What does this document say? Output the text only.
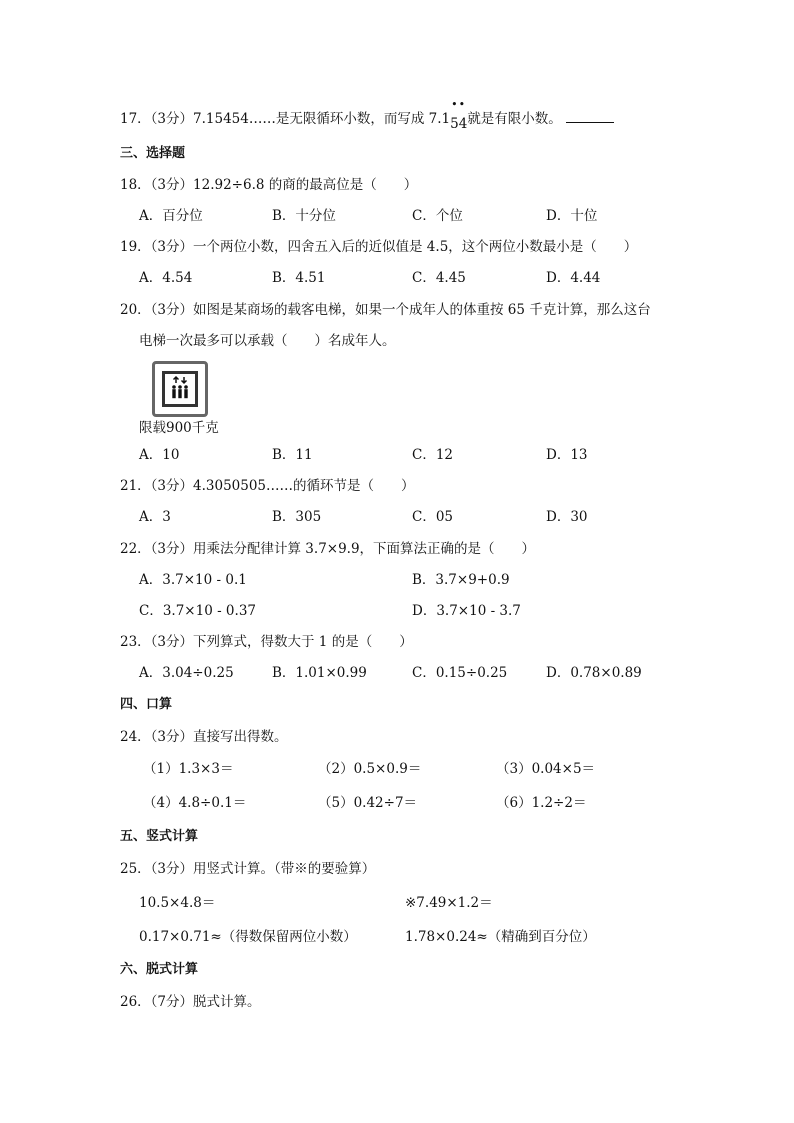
17．（3分）7.15454……是无限循环小数，而写成 7.1
••
54就是有限小数。
三、选择题
18．（3分）12.92÷6.8 的商的最高位是（　　）
A．百分位	B．十分位	C．个位	D．十位
19．（3分）一个两位小数，四舍五入后的近似值是 4.5，这个两位小数最小是（　　）
A．4.54	B．4.51	C．4.45	D．4.44
20．（3分）如图是某商场的载客电梯，如果一个成年人的体重按 65 千克计算，那么这台
电梯一次最多可以承载（　　）名成年人。
限载900千克
A．10	B．11	C．12	D．13
21．（3分）4.3050505……的循环节是（　　）
A．3	B．305	C．05	D．30
22．（3分）用乘法分配律计算 3.7×9.9，下面算法正确的是（　　）
A．3.7×10 - 0.1	B．3.7×9+0.9
C．3.7×10 - 0.37	D．3.7×10 - 3.7
23．（3分）下列算式，得数大于 1 的是（　　）
A．3.04÷0.25	B．1.01×0.99	C．0.15÷0.25	D．0.78×0.89
四、口算
24．（3分）直接写出得数。
（1）1.3×3＝	（2）0.5×0.9＝	（3）0.04×5＝
（4）4.8÷0.1＝	（5）0.42÷7＝	（6）1.2÷2＝
五、竖式计算
25．（3分）用竖式计算。（带※的要验算）
10.5×4.8＝	※7.49×1.2＝
0.17×0.71≈（得数保留两位小数）	1.78×0.24≈（精确到百分位）
六、脱式计算
26．（7分）脱式计算。
